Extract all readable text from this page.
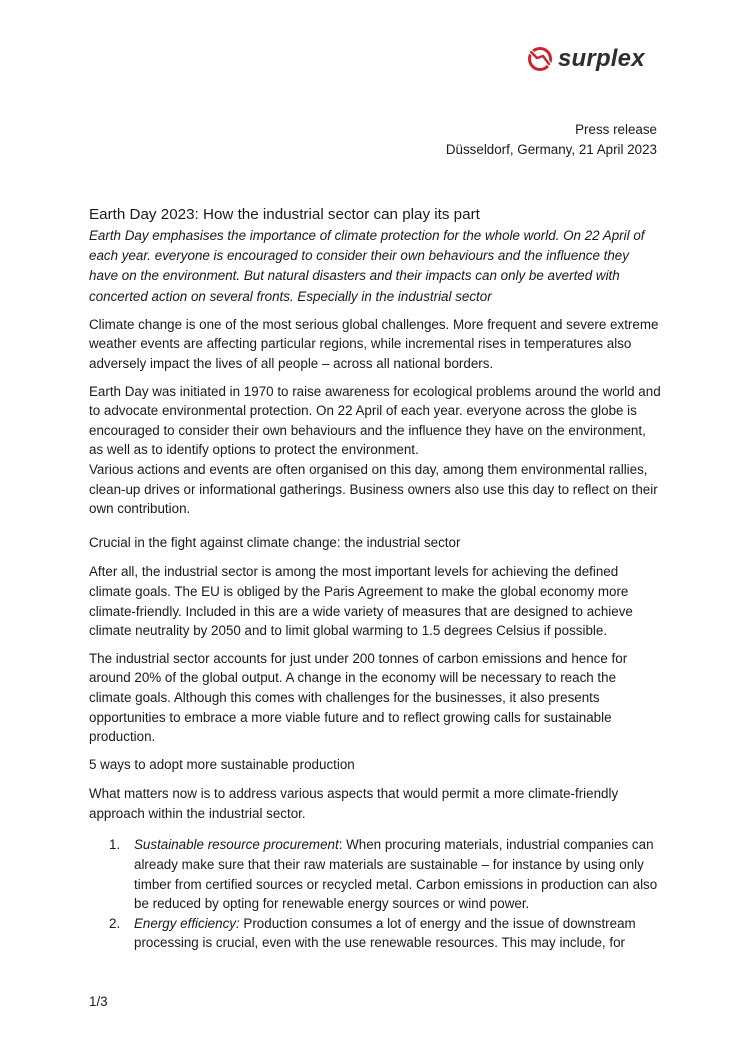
surplex
Press release
Düsseldorf, Germany, 21 April 2023
Earth Day 2023: How the industrial sector can play its part
Earth Day emphasises the importance of climate protection for the whole world. On 22 April of each year. everyone is encouraged to consider their own behaviours and the influence they have on the environment. But natural disasters and their impacts can only be averted with concerted action on several fronts. Especially in the industrial sector

Climate change is one of the most serious global challenges. More frequent and severe extreme weather events are affecting particular regions, while incremental rises in temperatures also adversely impact the lives of all people – across all national borders.

Earth Day was initiated in 1970 to raise awareness for ecological problems around the world and to advocate environmental protection. On 22 April of each year. everyone across the globe is encouraged to consider their own behaviours and the influence they have on the environment, as well as to identify options to protect the environment.

Various actions and events are often organised on this day, among them environmental rallies, clean-up drives or informational gatherings. Business owners also use this day to reflect on their own contribution.

Crucial in the fight against climate change: the industrial sector

After all, the industrial sector is among the most important levels for achieving the defined climate goals. The EU is obliged by the Paris Agreement to make the global economy more climate-friendly. Included in this are a wide variety of measures that are designed to achieve climate neutrality by 2050 and to limit global warming to 1.5 degrees Celsius if possible.

The industrial sector accounts for just under 200 tonnes of carbon emissions and hence for around 20% of the global output. A change in the economy will be necessary to reach the climate goals. Although this comes with challenges for the businesses, it also presents opportunities to embrace a more viable future and to reflect growing calls for sustainable production.

5 ways to adopt more sustainable production

What matters now is to address various aspects that would permit a more climate-friendly approach within the industrial sector.

1. Sustainable resource procurement: When procuring materials, industrial companies can already make sure that their raw materials are sustainable – for instance by using only timber from certified sources or recycled metal. Carbon emissions in production can also be reduced by opting for renewable energy sources or wind power.
2. Energy efficiency: Production consumes a lot of energy and the issue of downstream processing is crucial, even with the use renewable resources. This may include, for
1/3
